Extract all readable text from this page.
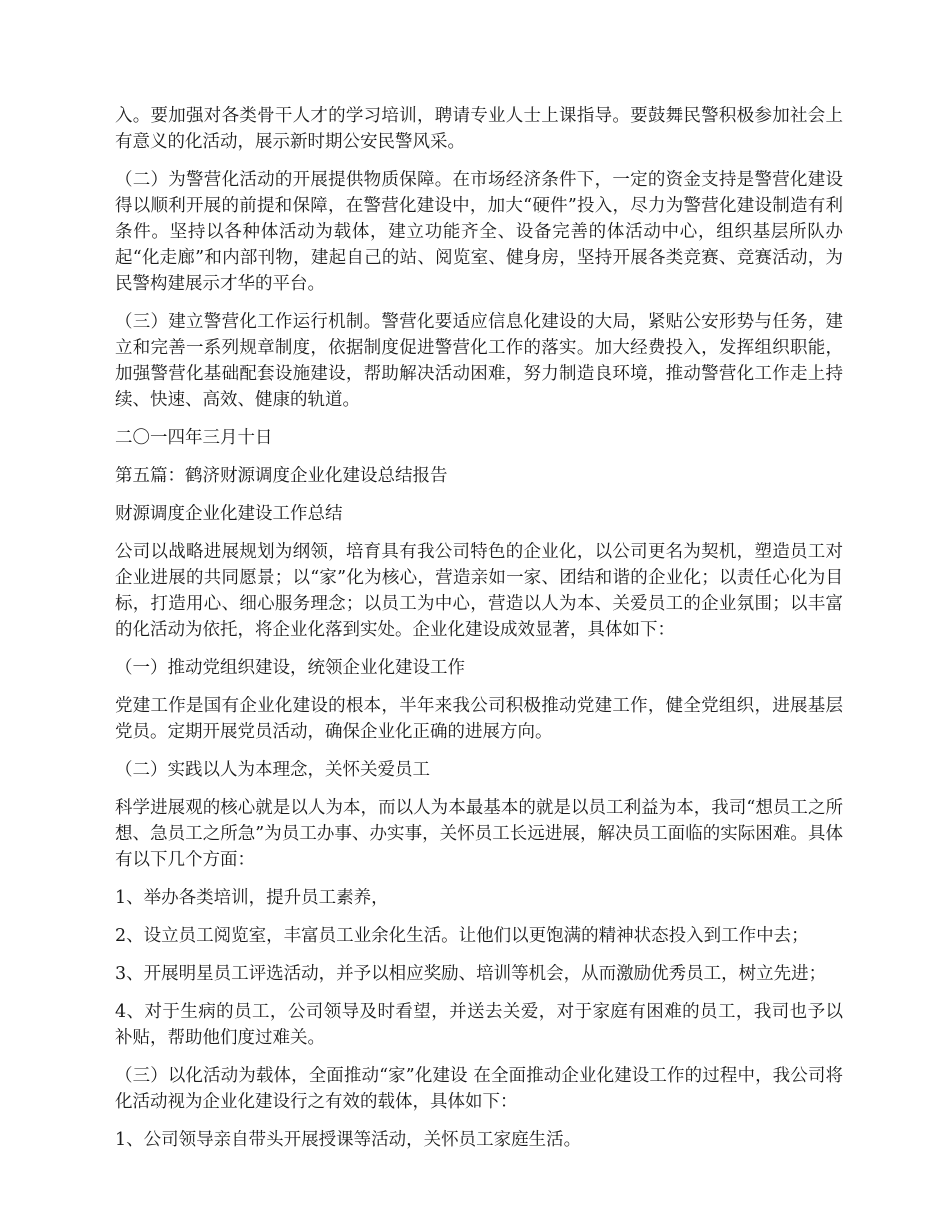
入。要加强对各类骨干人才的学习培训，聘请专业人士上课指导。要鼓舞民警积极参加社会上有意义的化活动，展示新时期公安民警风采。

（二）为警营化活动的开展提供物质保障。在市场经济条件下，一定的资金支持是警营化建设得以顺利开展的前提和保障，在警营化建设中，加大“硬件”投入，尽力为警营化建设制造有利条件。坚持以各种体活动为载体，建立功能齐全、设备完善的体活动中心，组织基层所队办起“化走廊”和内部刊物，建起自己的站、阅览室、健身房，坚持开展各类竞赛、竞赛活动，为民警构建展示才华的平台。

（三）建立警营化工作运行机制。警营化要适应信息化建设的大局，紧贴公安形势与任务，建立和完善一系列规章制度，依据制度促进警营化工作的落实。加大经费投入，发挥组织职能，加强警营化基础配套设施建设，帮助解决活动困难，努力制造良环境，推动警营化工作走上持续、快速、高效、健康的轨道。

二〇一四年三月十日

第五篇：鹤济财源调度企业化建设总结报告

财源调度企业化建设工作总结

公司以战略进展规划为纲领，培育具有我公司特色的企业化，以公司更名为契机，塑造员工对企业进展的共同愿景；以“家”化为核心，营造亲如一家、团结和谐的企业化；以责任心化为目标，打造用心、细心服务理念；以员工为中心，营造以人为本、关爱员工的企业氛围；以丰富的化活动为依托，将企业化落到实处。企业化建设成效显著，具体如下：

（一）推动党组织建设，统领企业化建设工作

党建工作是国有企业化建设的根本，半年来我公司积极推动党建工作，健全党组织，进展基层党员。定期开展党员活动，确保企业化正确的进展方向。

（二）实践以人为本理念，关怀关爱员工

科学进展观的核心就是以人为本，而以人为本最基本的就是以员工利益为本，我司“想员工之所想、急员工之所急”为员工办事、办实事，关怀员工长远进展，解决员工面临的实际困难。具体有以下几个方面：

1、举办各类培训，提升员工素养，

2、设立员工阅览室，丰富员工业余化生活。让他们以更饱满的精神状态投入到工作中去；

3、开展明星员工评选活动，并予以相应奖励、培训等机会，从而激励优秀员工，树立先进；

4、对于生病的员工，公司领导及时看望，并送去关爱，对于家庭有困难的员工，我司也予以补贴，帮助他们度过难关。

（三）以化活动为载体，全面推动“家”化建设 在全面推动企业化建设工作的过程中，我公司将化活动视为企业化建设行之有效的载体，具体如下：

1、公司领导亲自带头开展授课等活动，关怀员工家庭生活。
